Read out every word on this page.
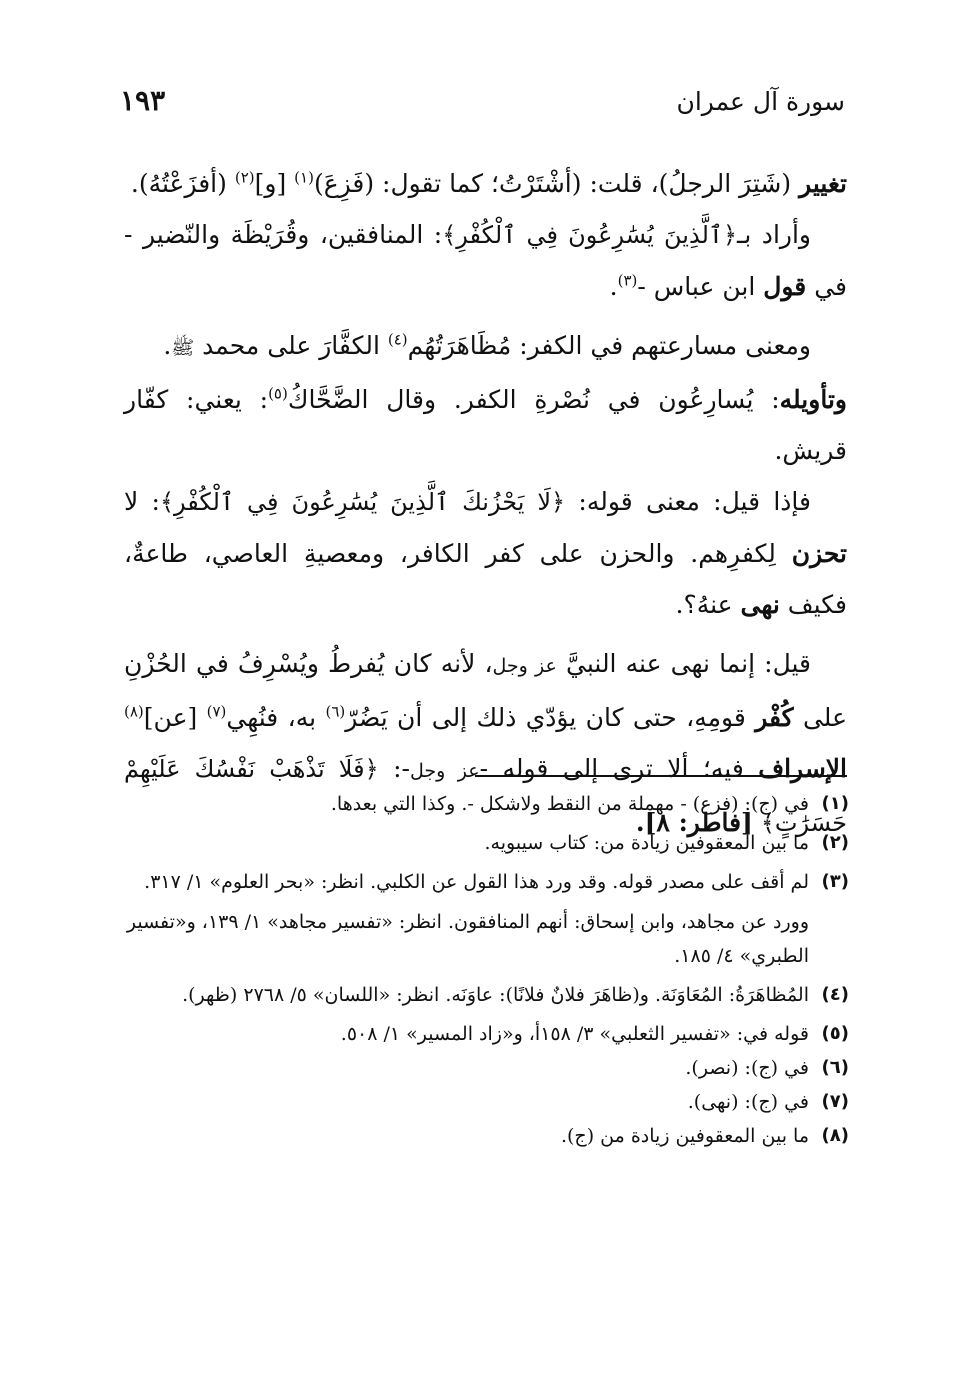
سورة آل عمران
١٩٣

تغيير (شَتِرَ الرجلُ)، قلت: (أشْتَرْتُ؛ كما تقول: (فَزِعَ)$^{(١)}$ [و]$^{(٢)}$ (أفزَعْتُهُ).

وأراد بـ﴿ٱلَّذِينَ يُسَٰرِعُونَ فِي ٱلْكُفْرِ﴾: المنافقين، وقُرَيْظَة والنّضير - في قول ابن عباس -$^{(٣)}$.

ومعنى مسارعتهم في الكفر: مُظَاهَرَتُهُم$^{(٤)}$ الكفَّارَ على محمد ﷺ.

وتأويله: يُسارِعُون في نُصْرةِ الكفر. وقال الضَّحَّاكُ$^{(٥)}$: يعني: كفّار قريش.

فإذا قيل: معنى قوله: ﴿لَا يَحْزُنكَ ٱلَّذِينَ يُسَٰرِعُونَ فِي ٱلْكُفْرِ﴾: لا تحزن لِكفرِهم. والحزن على كفر الكافر، ومعصيةِ العاصي، طاعةٌ، فكيف نهى عنهُ؟.

قيل: إنما نهى عنه النبيَّ عز وجل، لأنه كان يُفرطُ ويُسْرِفُ في الحُزْنِ على كُفْر قومِهِ، حتى كان يؤدّي ذلك إلى أن يَضُرّ$^{(٦)}$ به، فنُهِي$^{(٧)}$ [عن]$^{(٨)}$ الإسراف فيه؛ ألا ترى إلى قوله -عز وجل-: ﴿فَلَا تَذْهَبْ نَفْسُكَ عَلَيْهِمْ حَسَرَٰتٍ﴾ [فاطر: ٨].

(١)
في (ج): (فزع) - مهملة من النقط ولاشكل -. وكذا التي بعدها.
(٢)
ما بين المعقوفين زيادة من: كتاب سيبويه.
(٣)
لم أقف على مصدر قوله. وقد ورد هذا القول عن الكلبي. انظر: «بحر العلوم» ١/ ٣١٧.

وورد عن مجاهد، وابن إسحاق: أنهم المنافقون. انظر: «تفسير مجاهد» ١/ ١٣٩، و«تفسير الطبري» ٤/ ١٨٥.

(٤)
المُظاهَرَةُ: المُعَاوَنَة. و(ظاهَرَ فلانٌ فلانًا): عاوَنَه. انظر: «اللسان» ٥/ ٢٧٦٨ (ظهر).
(٥)
قوله في: «تفسير الثعلبي» ٣/ ١٥٨أ، و«زاد المسير» ١/ ٥٠٨.
(٦)
في (ج): (نصر).
(٧)
في (ج): (نهى).
(٨)
ما بين المعقوفين زيادة من (ج).
